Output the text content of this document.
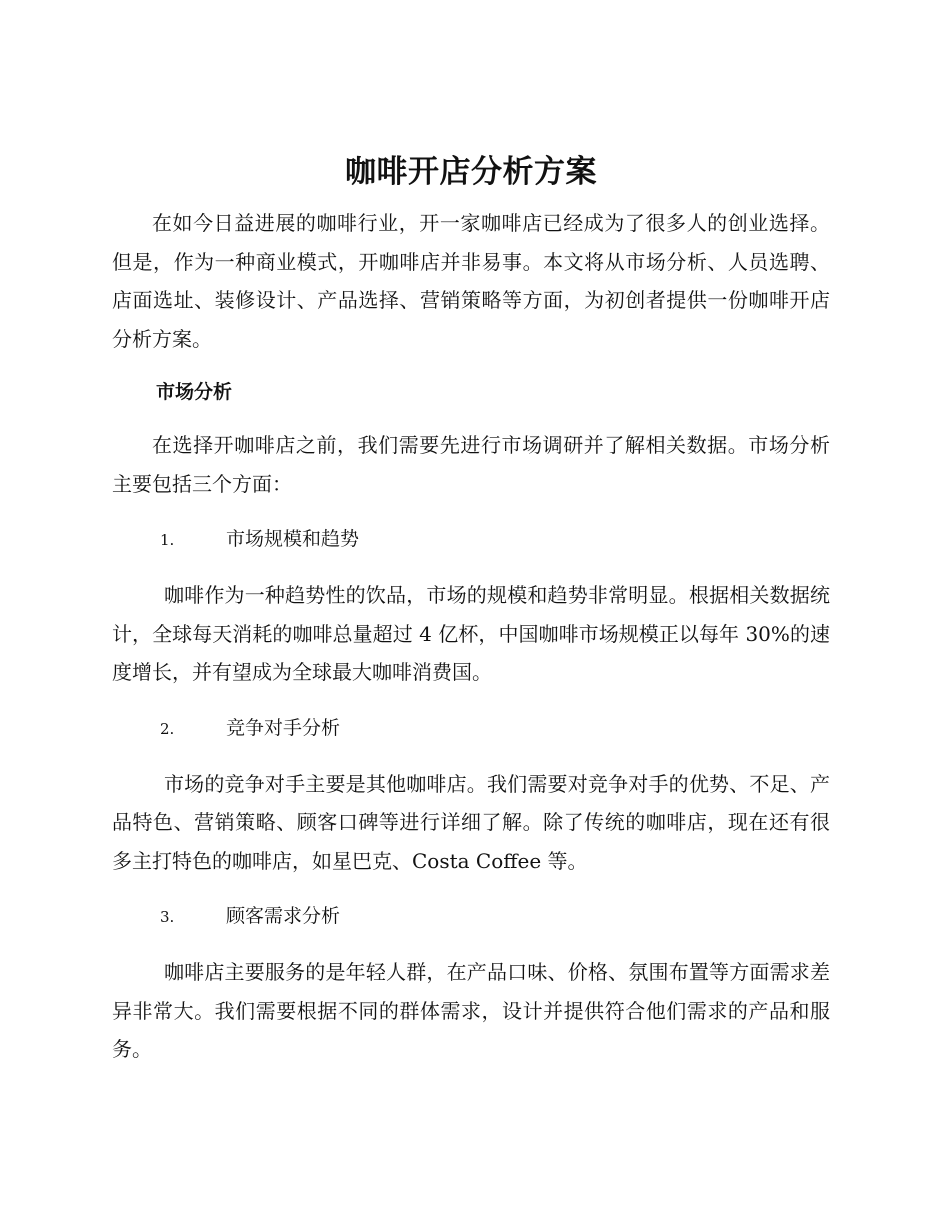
咖啡开店分析方案

在如今日益进展的咖啡行业，开一家咖啡店已经成为了很多人的创业选择。但是，作为一种商业模式，开咖啡店并非易事。本文将从市场分析、人员选聘、店面选址、装修设计、产品选择、营销策略等方面，为初创者提供一份咖啡开店分析方案。

市场分析

在选择开咖啡店之前，我们需要先进行市场调研并了解相关数据。市场分析主要包括三个方面：

1.	市场规模和趋势

咖啡作为一种趋势性的饮品，市场的规模和趋势非常明显。根据相关数据统计，全球每天消耗的咖啡总量超过 4 亿杯，中国咖啡市场规模正以每年 30%的速度增长，并有望成为全球最大咖啡消费国。

2.	竞争对手分析

市场的竞争对手主要是其他咖啡店。我们需要对竞争对手的优势、不足、产品特色、营销策略、顾客口碑等进行详细了解。除了传统的咖啡店，现在还有很多主打特色的咖啡店，如星巴克、Costa Coffee 等。

3.	顾客需求分析

咖啡店主要服务的是年轻人群，在产品口味、价格、氛围布置等方面需求差异非常大。我们需要根据不同的群体需求，设计并提供符合他们需求的产品和服务。
